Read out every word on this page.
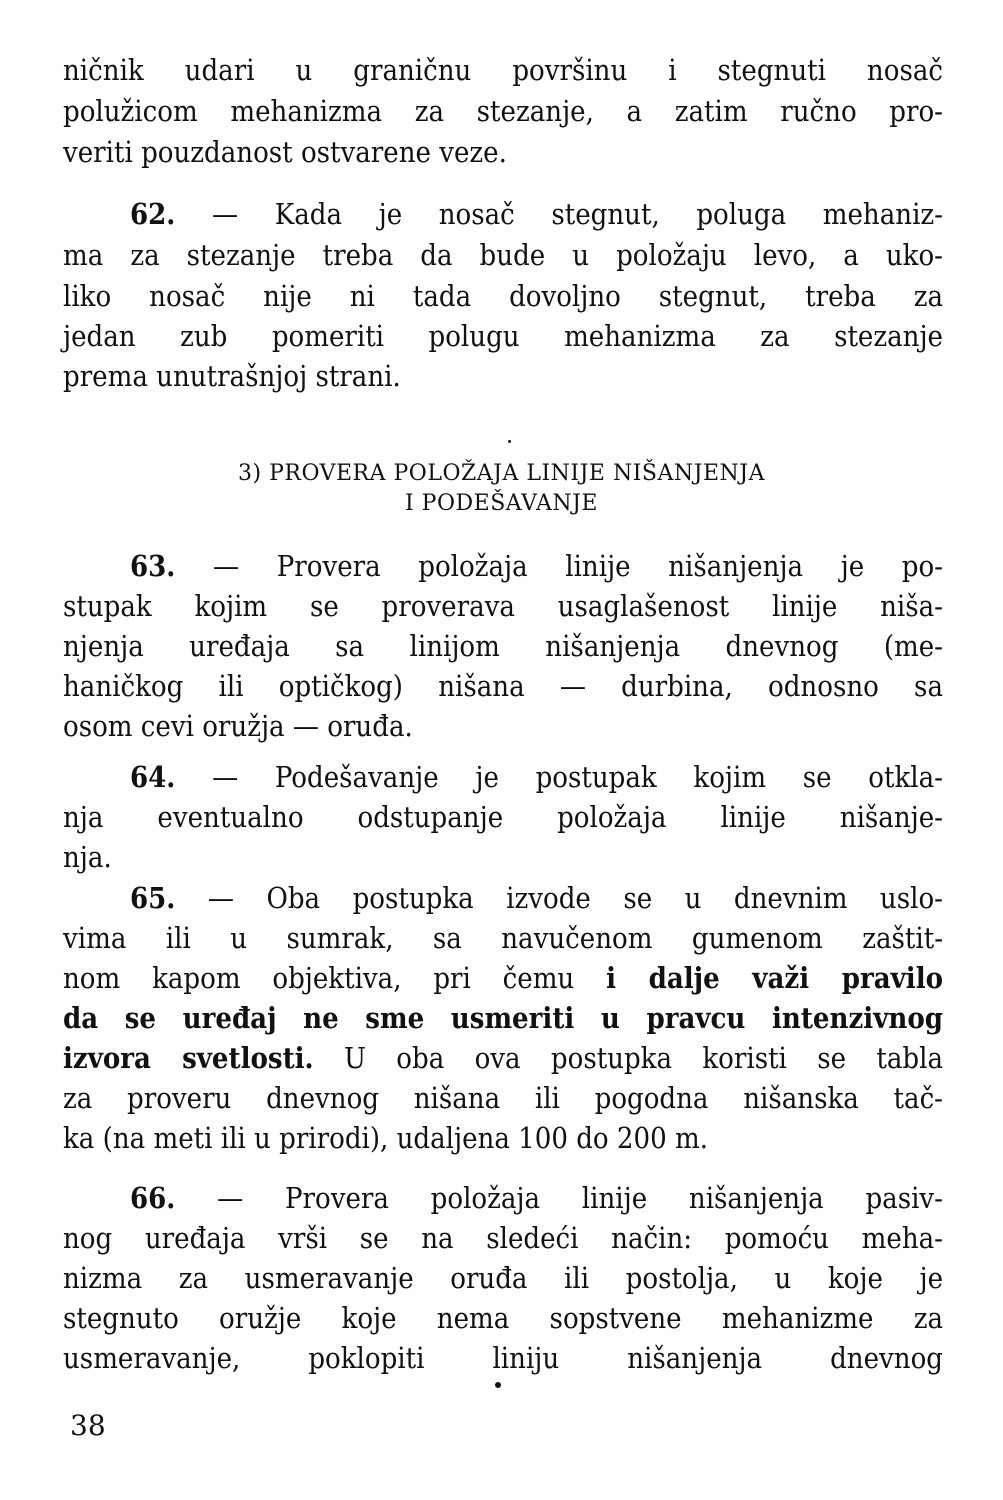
ničnik udari u graničnu površinu i stegnuti nosač
polužicom mehanizma za stezanje, a zatim ručno pro-
veriti pouzdanost ostvarene veze.
62. — Kada je nosač stegnut, poluga mehaniz-
ma za stezanje treba da bude u položaju levo, a uko-
liko nosač nije ni tada dovoljno stegnut, treba za
jedan zub pomeriti polugu mehanizma za stezanje
prema unutrašnjoj strani.
3) PROVERA POLOŽAJA LINIJE NIŠANJENJA
I PODEŠAVANJE
63. — Provera položaja linije nišanjenja je po-
stupak kojim se proverava usaglašenost linije niša-
njenja uređaja sa linijom nišanjenja dnevnog (me-
haničkog ili optičkog) nišana — durbina, odnosno sa
osom cevi oružja — oruđa.
64. — Podešavanje je postupak kojim se otkla-
nja eventualno odstupanje položaja linije nišanje-
nja.
65. — Oba postupka izvode se u dnevnim uslo-
vima ili u sumrak, sa navučenom gumenom zaštit-
nom kapom objektiva, pri čemu i dalje važi pravilo
da se uređaj ne sme usmeriti u pravcu intenzivnog
izvora svetlosti. U oba ova postupka koristi se tabla
za proveru dnevnog nišana ili pogodna nišanska tač-
ka (na meti ili u prirodi), udaljena 100 do 200 m.
66. — Provera položaja linije nišanjenja pasiv-
nog uređaja vrši se na sledeći način: pomoću meha-
nizma za usmeravanje oruđa ili postolja, u koje je
stegnuto oružje koje nema sopstvene mehanizme za
usmeravanje, poklopiti liniju nišanjenja dnevnog
38
